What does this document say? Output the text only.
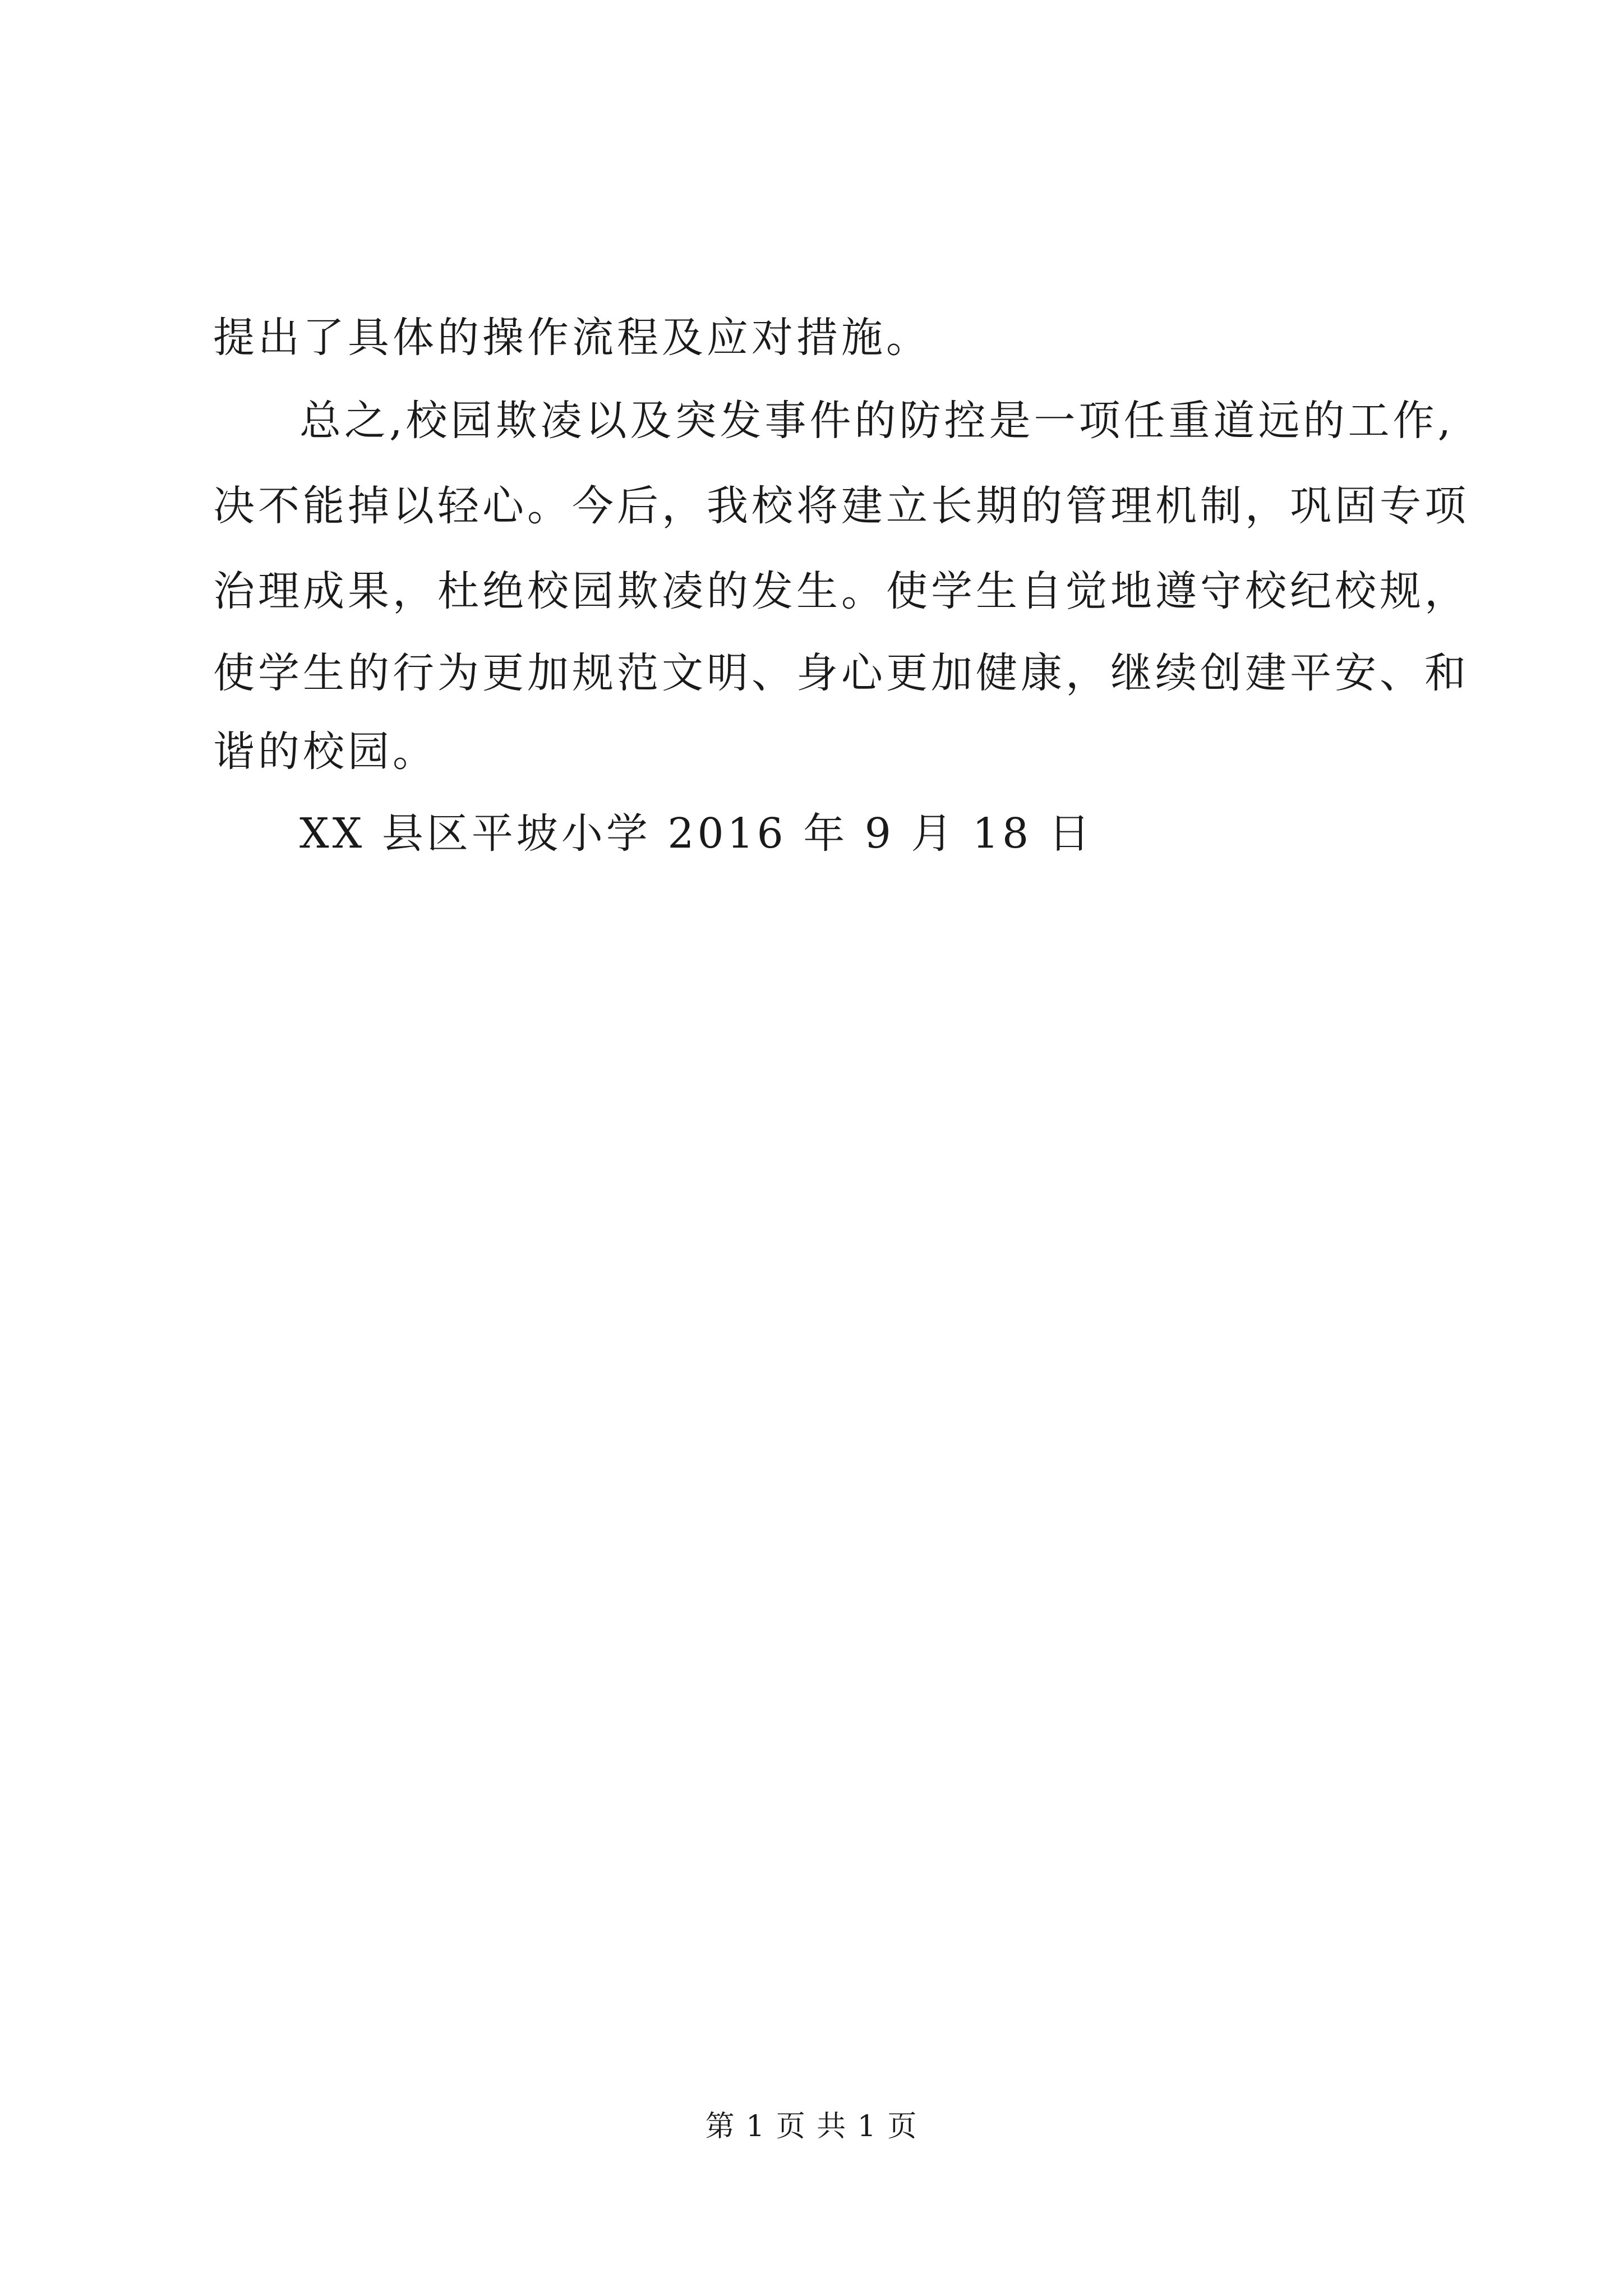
提出了具体的操作流程及应对措施。
总之,校园欺凌以及突发事件的防控是一项任重道远的工作,
决不能掉以轻心。今后，我校将建立长期的管理机制，巩固专项
治理成果，杜绝校园欺凌的发生。使学生自觉地遵守校纪校规，
使学生的行为更加规范文明、身心更加健康，继续创建平安、和
谐的校园。
XX 县区平坡小学 2016 年 9 月 18 日
第 1 页 共 1 页
